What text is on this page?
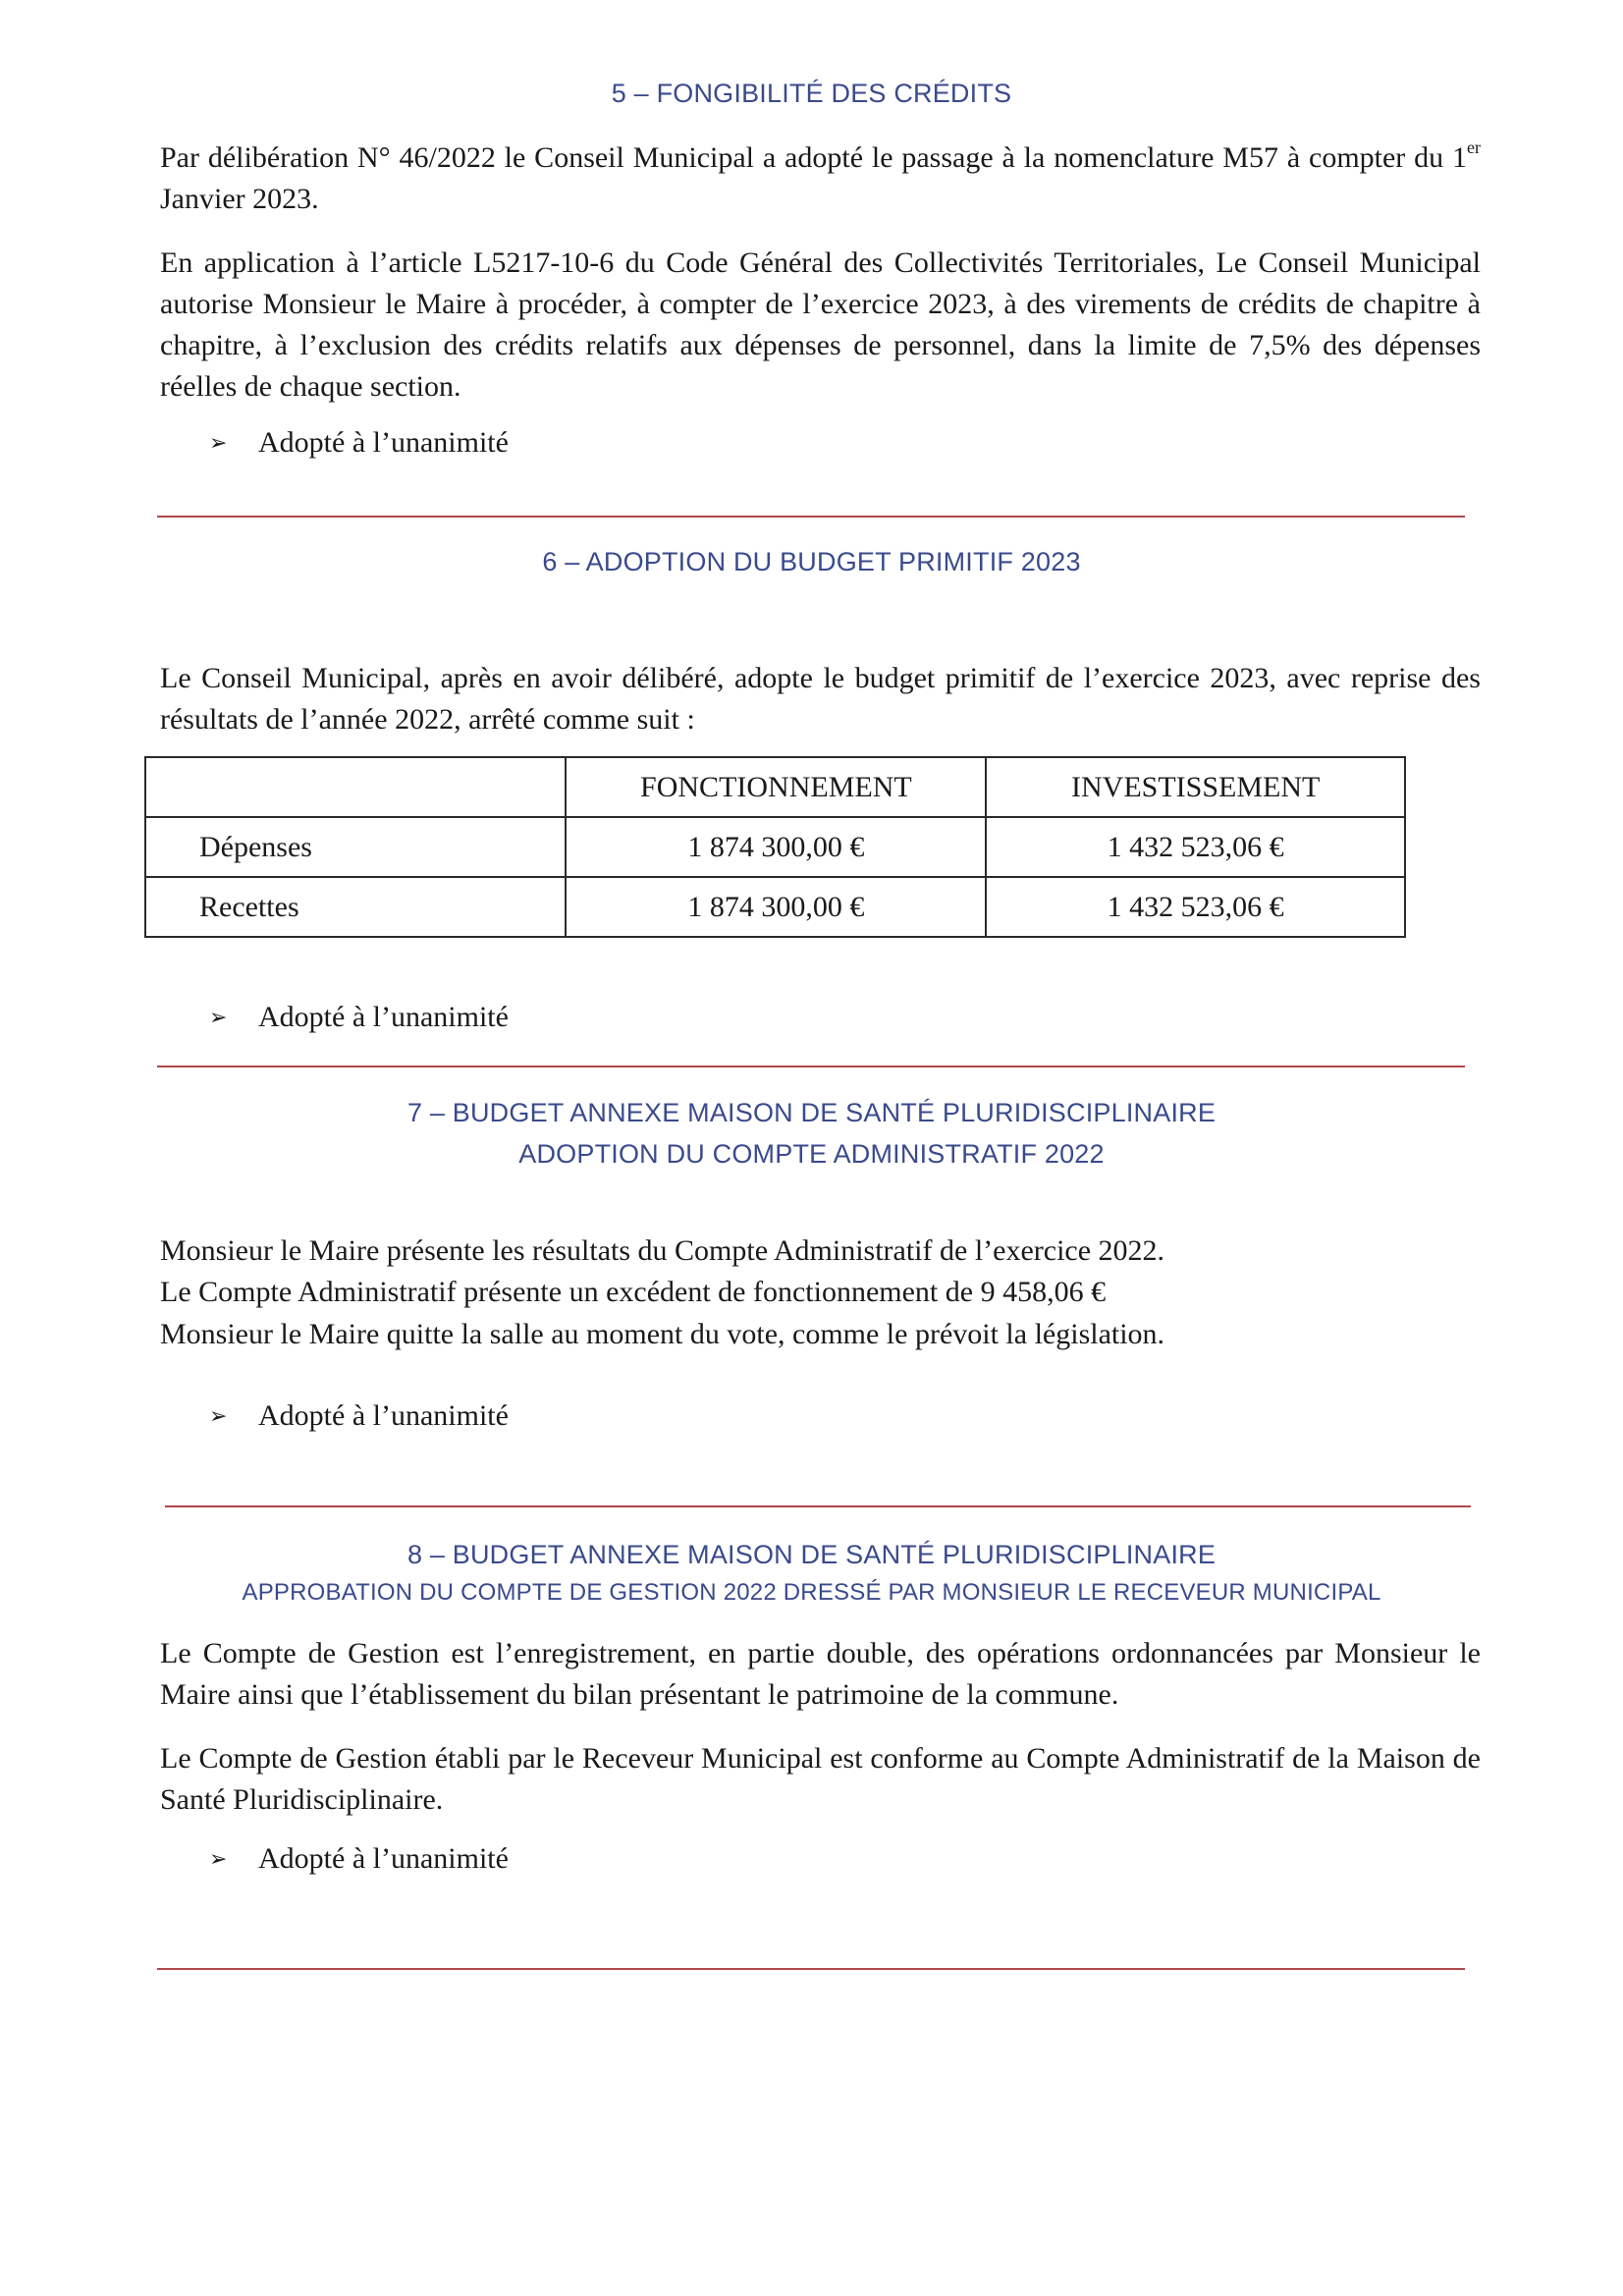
5 – FONGIBILITÉ DES CRÉDITS
Par délibération N° 46/2022 le Conseil Municipal a adopté le passage à la nomenclature M57 à compter du 1er Janvier 2023.
En application à l’article L5217-10-6 du Code Général des Collectivités Territoriales, Le Conseil Municipal autorise Monsieur le Maire à procéder, à compter de l’exercice 2023, à des virements de crédits de chapitre à chapitre, à l’exclusion des crédits relatifs aux dépenses de personnel, dans la limite de 7,5% des dépenses réelles de chaque section.
➢ Adopté à l’unanimité
6 – ADOPTION DU BUDGET PRIMITIF 2023
Le Conseil Municipal, après en avoir délibéré, adopte le budget primitif de l’exercice 2023, avec reprise des résultats de l’année 2022, arrêté comme suit :
	FONCTIONNEMENT	INVESTISSEMENT
Dépenses	1 874 300,00 €	1 432 523,06 €
Recettes	1 874 300,00 €	1 432 523,06 €
➢ Adopté à l’unanimité
7 – BUDGET ANNEXE MAISON DE SANTÉ PLURIDISCIPLINAIRE
ADOPTION DU COMPTE ADMINISTRATIF 2022
Monsieur le Maire présente les résultats du Compte Administratif de l’exercice 2022.
Le Compte Administratif présente un excédent de fonctionnement de 9 458,06 €
Monsieur le Maire quitte la salle au moment du vote, comme le prévoit la législation.
➢ Adopté à l’unanimité
8 – BUDGET ANNEXE MAISON DE SANTÉ PLURIDISCIPLINAIRE
APPROBATION DU COMPTE DE GESTION 2022 DRESSÉ PAR MONSIEUR LE RECEVEUR MUNICIPAL
Le Compte de Gestion est l’enregistrement, en partie double, des opérations ordonnancées par Monsieur le Maire ainsi que l’établissement du bilan présentant le patrimoine de la commune.
Le Compte de Gestion établi par le Receveur Municipal est conforme au Compte Administratif de la Maison de Santé Pluridisciplinaire.
➢ Adopté à l’unanimité
